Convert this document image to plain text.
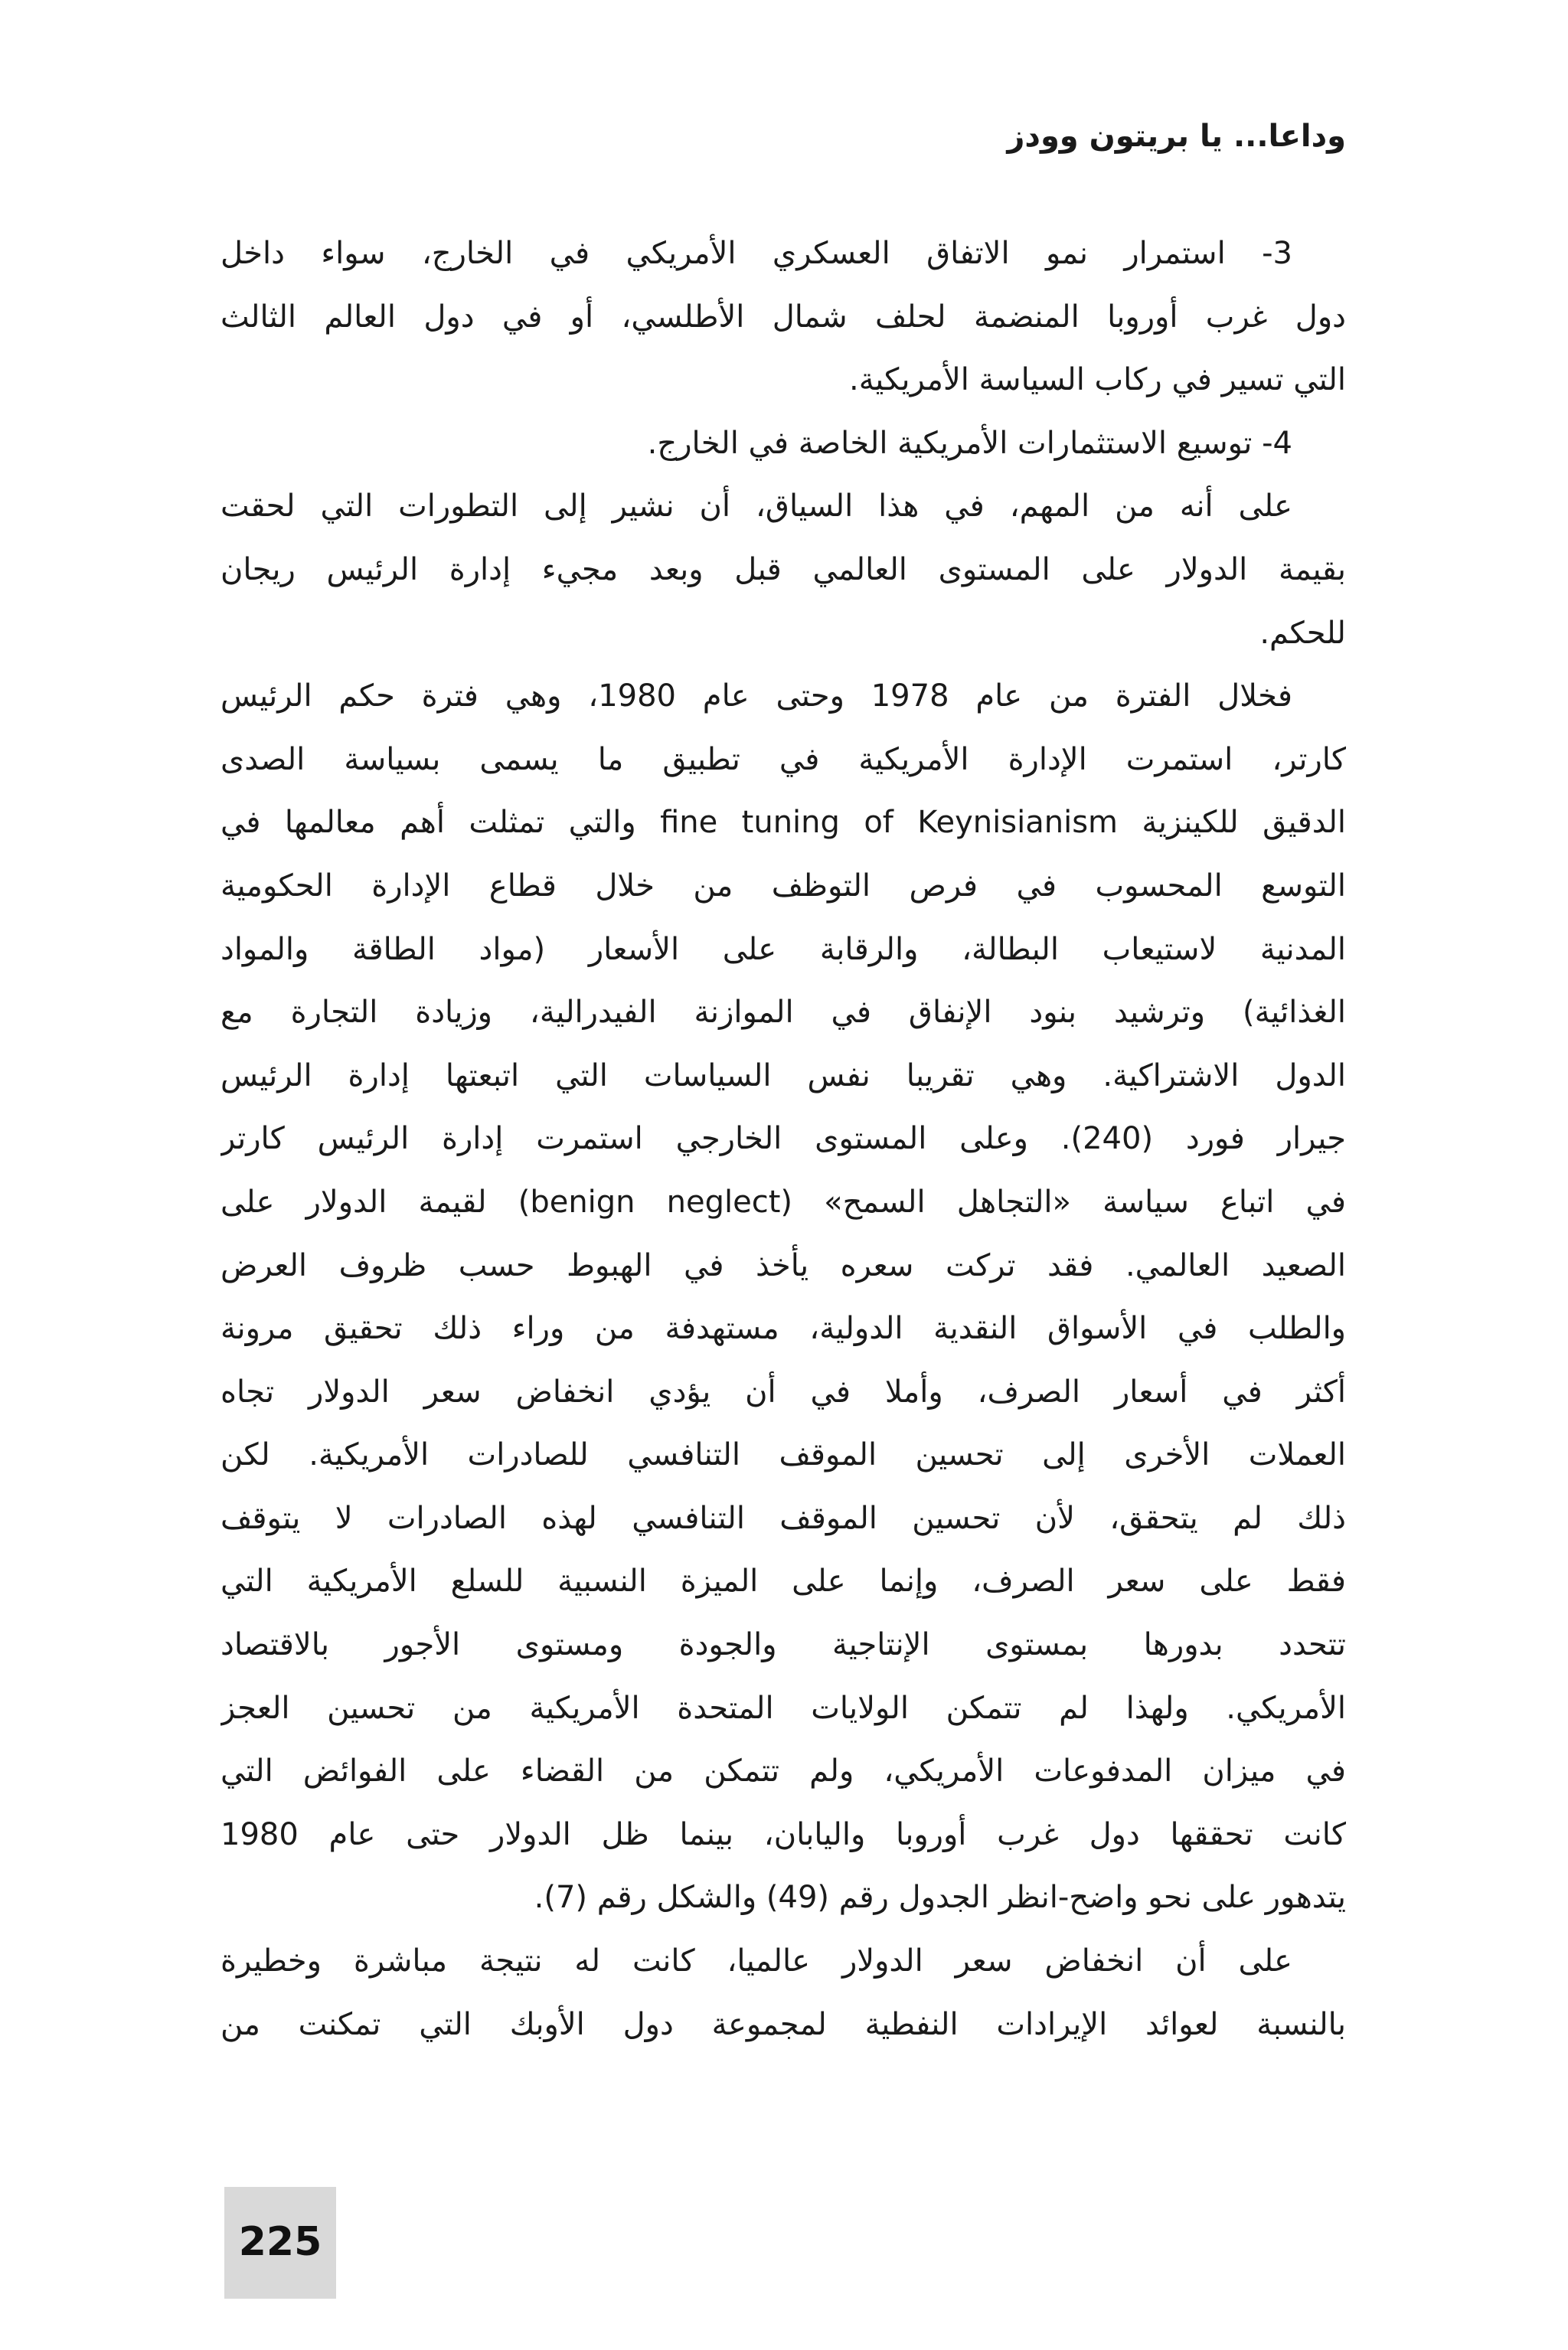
وداعا... يا بريتون وودز
3- استمرار نمو الاتفاق العسكري الأمريكي في الخارج، سواء داخل
دول غرب أوروبا المنضمة لحلف شمال الأطلسي، أو في دول العالم الثالث
التي تسير في ركاب السياسة الأمريكية.
4- توسيع الاستثمارات الأمريكية الخاصة في الخارج.
على أنه من المهم، في هذا السياق، أن نشير إلى التطورات التي لحقت
بقيمة الدولار على المستوى العالمي قبل وبعد مجيء إدارة الرئيس ريجان
للحكم.
فخلال الفترة من عام 1978 وحتى عام 1980، وهي فترة حكم الرئيس
كارتر، استمرت الإدارة الأمريكية في تطبيق ما يسمى بسياسة الصدى
الدقيق للكينزية fine tuning of Keynisianism والتي تمثلت أهم معالمها في
التوسع المحسوب في فرص التوظف من خلال قطاع الإدارة الحكومية
المدنية لاستيعاب البطالة، والرقابة على الأسعار (مواد الطاقة والمواد
الغذائية) وترشيد بنود الإنفاق في الموازنة الفيدرالية، وزيادة التجارة مع
الدول الاشتراكية. وهي تقريبا نفس السياسات التي اتبعتها إدارة الرئيس
جيرار فورد (240). وعلى المستوى الخارجي استمرت إدارة الرئيس كارتر
في اتباع سياسة «التجاهل السمح» (benign neglect) لقيمة الدولار على
الصعيد العالمي. فقد تركت سعره يأخذ في الهبوط حسب ظروف العرض
والطلب في الأسواق النقدية الدولية، مستهدفة من وراء ذلك تحقيق مرونة
أكثر في أسعار الصرف، وأملا في أن يؤدي انخفاض سعر الدولار تجاه
العملات الأخرى إلى تحسين الموقف التنافسي للصادرات الأمريكية. لكن
ذلك لم يتحقق، لأن تحسين الموقف التنافسي لهذه الصادرات لا يتوقف
فقط على سعر الصرف، وإنما على الميزة النسبية للسلع الأمريكية التي
تتحدد بدورها بمستوى الإنتاجية والجودة ومستوى الأجور بالاقتصاد
الأمريكي. ولهذا لم تتمكن الولايات المتحدة الأمريكية من تحسين العجز
في ميزان المدفوعات الأمريكي، ولم تتمكن من القضاء على الفوائض التي
كانت تحققها دول غرب أوروبا واليابان، بينما ظل الدولار حتى عام 1980
يتدهور على نحو واضح-انظر الجدول رقم (49) والشكل رقم (7).
على أن انخفاض سعر الدولار عالميا، كانت له نتيجة مباشرة وخطيرة
بالنسبة لعوائد الإيرادات النفطية لمجموعة دول الأوبك التي تمكنت من
225
